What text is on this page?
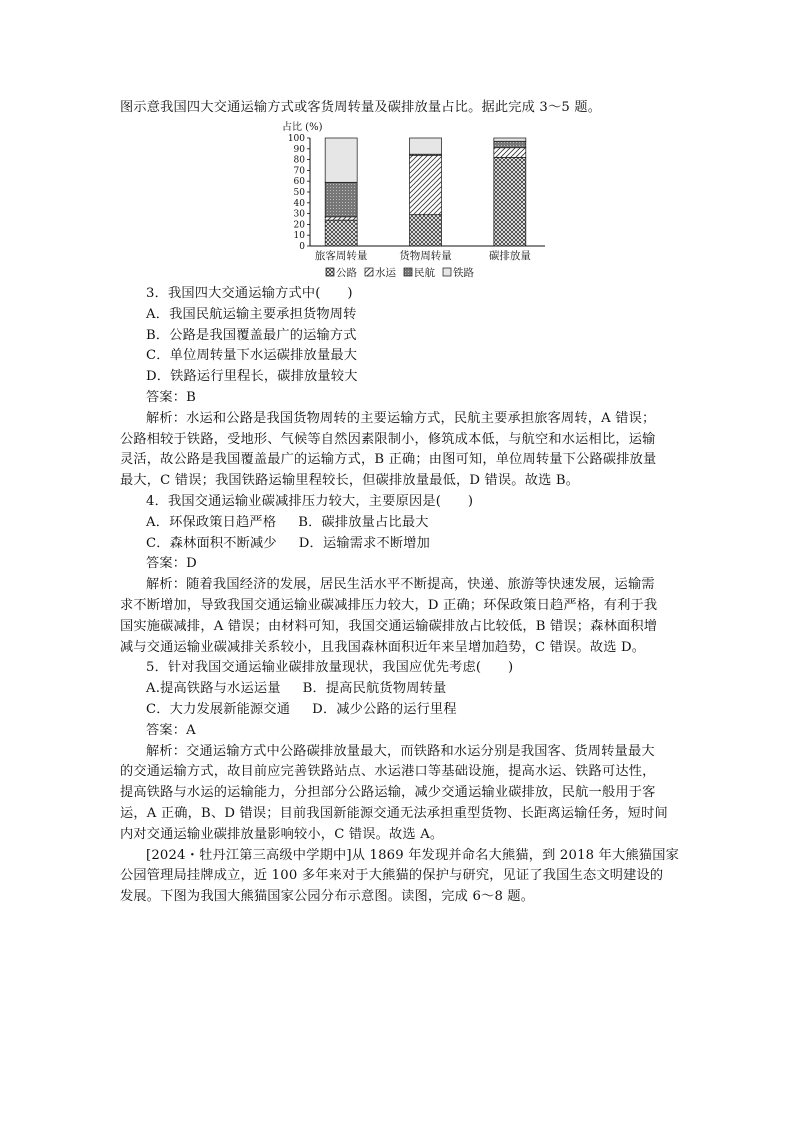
图示意我国四大交通运输方式或客货周转量及碳排放量占比。据此完成 3～5 题。
占比 (%)
0
10
20
30
40
50
60
70
80
90
100
旅客周转量	货物周转量	碳排放量
公路 水运 民航 铁路
3．我国四大交通运输方式中(　　)
A．我国民航运输主要承担货物周转
B．公路是我国覆盖最广的运输方式
C．单位周转量下水运碳排放量最大
D．铁路运行里程长，碳排放量较大
答案：B
解析：水运和公路是我国货物周转的主要运输方式，民航主要承担旅客周转，A 错误；
公路相较于铁路，受地形、气候等自然因素限制小，修筑成本低，与航空和水运相比，运输
灵活，故公路是我国覆盖最广的运输方式，B 正确；由图可知，单位周转量下公路碳排放量
最大，C 错误；我国铁路运输里程较长，但碳排放量最低，D 错误。故选 B。
4．我国交通运输业碳减排压力较大，主要原因是(　　)
A．环保政策日趋严格 B．碳排放量占比最大
C．森林面积不断减少 D．运输需求不断增加
答案：D
解析：随着我国经济的发展，居民生活水平不断提高，快递、旅游等快速发展，运输需
求不断增加，导致我国交通运输业碳减排压力较大，D 正确；环保政策日趋严格，有利于我
国实施碳减排，A 错误；由材料可知，我国交通运输碳排放占比较低，B 错误；森林面积增
减与交通运输业碳减排关系较小，且我国森林面积近年来呈增加趋势，C 错误。故选 D。
5．针对我国交通运输业碳排放量现状，我国应优先考虑(　　)
A.提高铁路与水运运量 B．提高民航货物周转量
C．大力发展新能源交通 D．减少公路的运行里程
答案：A
解析：交通运输方式中公路碳排放量最大，而铁路和水运分别是我国客、货周转量最大
的交通运输方式，故目前应完善铁路站点、水运港口等基础设施，提高水运、铁路可达性，
提高铁路与水运的运输能力，分担部分公路运输，减少交通运输业碳排放，民航一般用于客
运，A 正确，B、D 错误；目前我国新能源交通无法承担重型货物、长距离运输任务，短时间
内对交通运输业碳排放量影响较小，C 错误。故选 A。
[2024・牡丹江第三高级中学期中]从 1869 年发现并命名大熊猫，到 2018 年大熊猫国家
公园管理局挂牌成立，近 100 多年来对于大熊猫的保护与研究，见证了我国生态文明建设的
发展。下图为我国大熊猫国家公园分布示意图。读图，完成 6～8 题。
